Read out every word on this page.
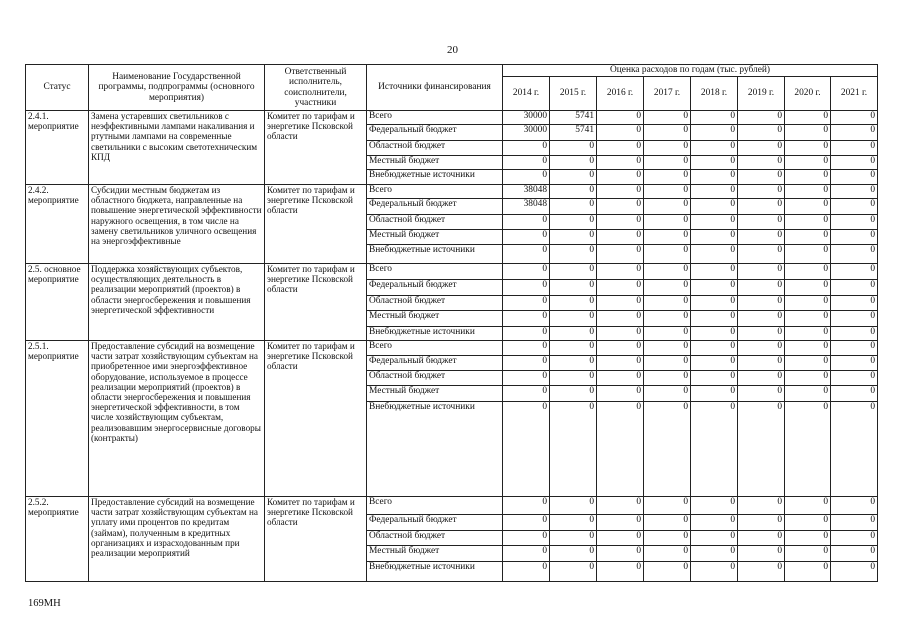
20
Статус	Наименование Государственной программы, подпрограммы (основного мероприятия)	Ответственный исполнитель, соисполнители, участники	Источники финансирования	Оценка расходов по годам (тыс. рублей)							
				2014 г.	2015 г.	2016 г.	2017 г.	2018 г.	2019 г.	2020 г.	2021 г.
2.4.1. мероприятие	Замена устаревших светильников с неэффективными лампами накаливания и ртутными лампами на современные светильники с высоким светотехническим КПД	Комитет по тарифам и энергетике Псковской области	Всего	30000	5741	0	0	0	0	0	0
			Федеральный бюджет	30000	5741	0	0	0	0	0	0
			Областной бюджет	0	0	0	0	0	0	0	0
			Местный бюджет	0	0	0	0	0	0	0	0
			Внебюджетные источники	0	0	0	0	0	0	0	0
2.4.2. мероприятие	Субсидии местным бюджетам из областного бюджета, направленные на повышение энергетической эффективности наружного освещения, в том числе на замену светильников уличного освещения на энергоэффективные	Комитет по тарифам и энергетике Псковской области	Всего	38048	0	0	0	0	0	0	0
			Федеральный бюджет	38048	0	0	0	0	0	0	0
			Областной бюджет	0	0	0	0	0	0	0	0
			Местный бюджет	0	0	0	0	0	0	0	0
			Внебюджетные источники	0	0	0	0	0	0	0	0
2.5. основное мероприятие	Поддержка хозяйствующих субъектов, осуществляющих деятельность в реализации мероприятий (проектов) в области энергосбережения и повышения энергетической эффективности	Комитет по тарифам и энергетике Псковской области	Всего	0	0	0	0	0	0	0	0
			Федеральный бюджет	0	0	0	0	0	0	0	0
			Областной бюджет	0	0	0	0	0	0	0	0
			Местный бюджет	0	0	0	0	0	0	0	0
			Внебюджетные источники	0	0	0	0	0	0	0	0
2.5.1. мероприятие	Предоставление субсидий на возмещение части затрат хозяйствующим субъектам на приобретенное ими энергоэффективное оборудование, используемое в процессе реализации мероприятий (проектов) в области энергосбережения и повышения энергетической эффективности, в том числе хозяйствующим субъектам, реализовавшим энергосервисные договоры (контракты)	Комитет по тарифам и энергетике Псковской области	Всего	0	0	0	0	0	0	0	0
			Федеральный бюджет	0	0	0	0	0	0	0	0
			Областной бюджет	0	0	0	0	0	0	0	0
			Местный бюджет	0	0	0	0	0	0	0	0
			Внебюджетные источники	0	0	0	0	0	0	0	0
2.5.2. мероприятие	Предоставление субсидий на возмещение части затрат хозяйствующим субъектам на уплату ими процентов по кредитам (займам), полученным в кредитных организациях и израсходованным при реализации мероприятий	Комитет по тарифам и энергетике Псковской области	Всего	0	0	0	0	0	0	0	0
			Федеральный бюджет	0	0	0	0	0	0	0	0
			Областной бюджет	0	0	0	0	0	0	0	0
			Местный бюджет	0	0	0	0	0	0	0	0
			Внебюджетные источники	0	0	0	0	0	0	0	0
169МН
